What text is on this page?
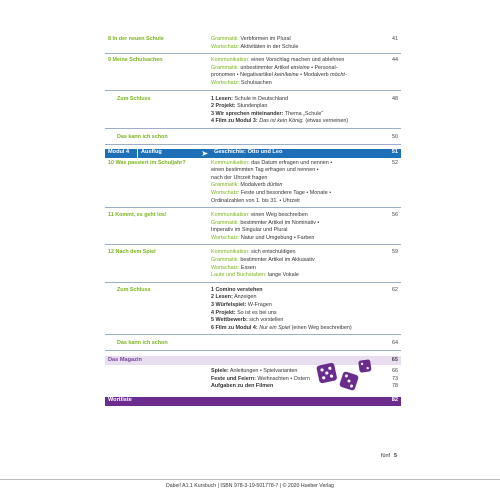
8 In der neuen Schule	Grammatik: Verbformen im Plural
Wortschatz: Aktivitäten in der Schule
41
9 Meine Schulsachen	Kommunikation: einen Vorschlag machen und ablehnen
Grammatik: unbestimmter Artikel ein/eine • Personal-
pronomen • Negativartikel kein/keine • Modalverb möcht-
Wortschatz: Schulsachen
44
Zum Schluss	1 Lesen: Schule in Deutschland
2 Projekt: Stundenplan
3 Wir sprechen miteinander: Thema „Schule“
4 Film zu Modul 3: Das ist kein König. (etwas verneinen)
48
Das kann ich schon	50
Modul 4	Ausflug	Geschichte: Otto und Leo	51
10 Was passiert im Schuljahr?	Kommunikation: das Datum erfragen und nennen •
einen bestimmten Tag erfragen und nennen •
nach der Uhrzeit fragen
Grammatik: Modalverb dürfen
Wortschatz: Feste und besondere Tage • Monate •
Ordinalzahlen von 1. bis 31. • Uhrzeit
52
11 Kommt, es geht los!	Kommunikation: einen Weg beschreiben
Grammatik: bestimmter Artikel im Nominativ •
Imperativ im Singular und Plural
Wortschatz: Natur und Umgebung • Farben
56
12 Nach dem Spiel	Kommunikation: sich entschuldigen
Grammatik: bestimmter Artikel im Akkusativ
Wortschatz: Essen
Laute und Buchstaben: lange Vokale
59
Zum Schluss	1 Comino verstehen
2 Lesen: Anzeigen
3 Würfelspiel: W-Fragen
4 Projekt: So ist es bei uns
5 Wettbewerb: sich vorstellen
6 Film zu Modul 4: Nur ein Spiel (einen Weg beschreiben)
62
Das kann ich schon	64
Das Magazin	65
Spiele: Anleitungen • Spielvarianten	66
Feste und Feiern: Weihnachten • Ostern	73
Aufgaben zu den Filmen	78
Wortliste	82
fünf 5
Dabei! A1.1 Kursbuch | ISBN 978-3-19-501778-7 | © 2020 Hueber Verlag
